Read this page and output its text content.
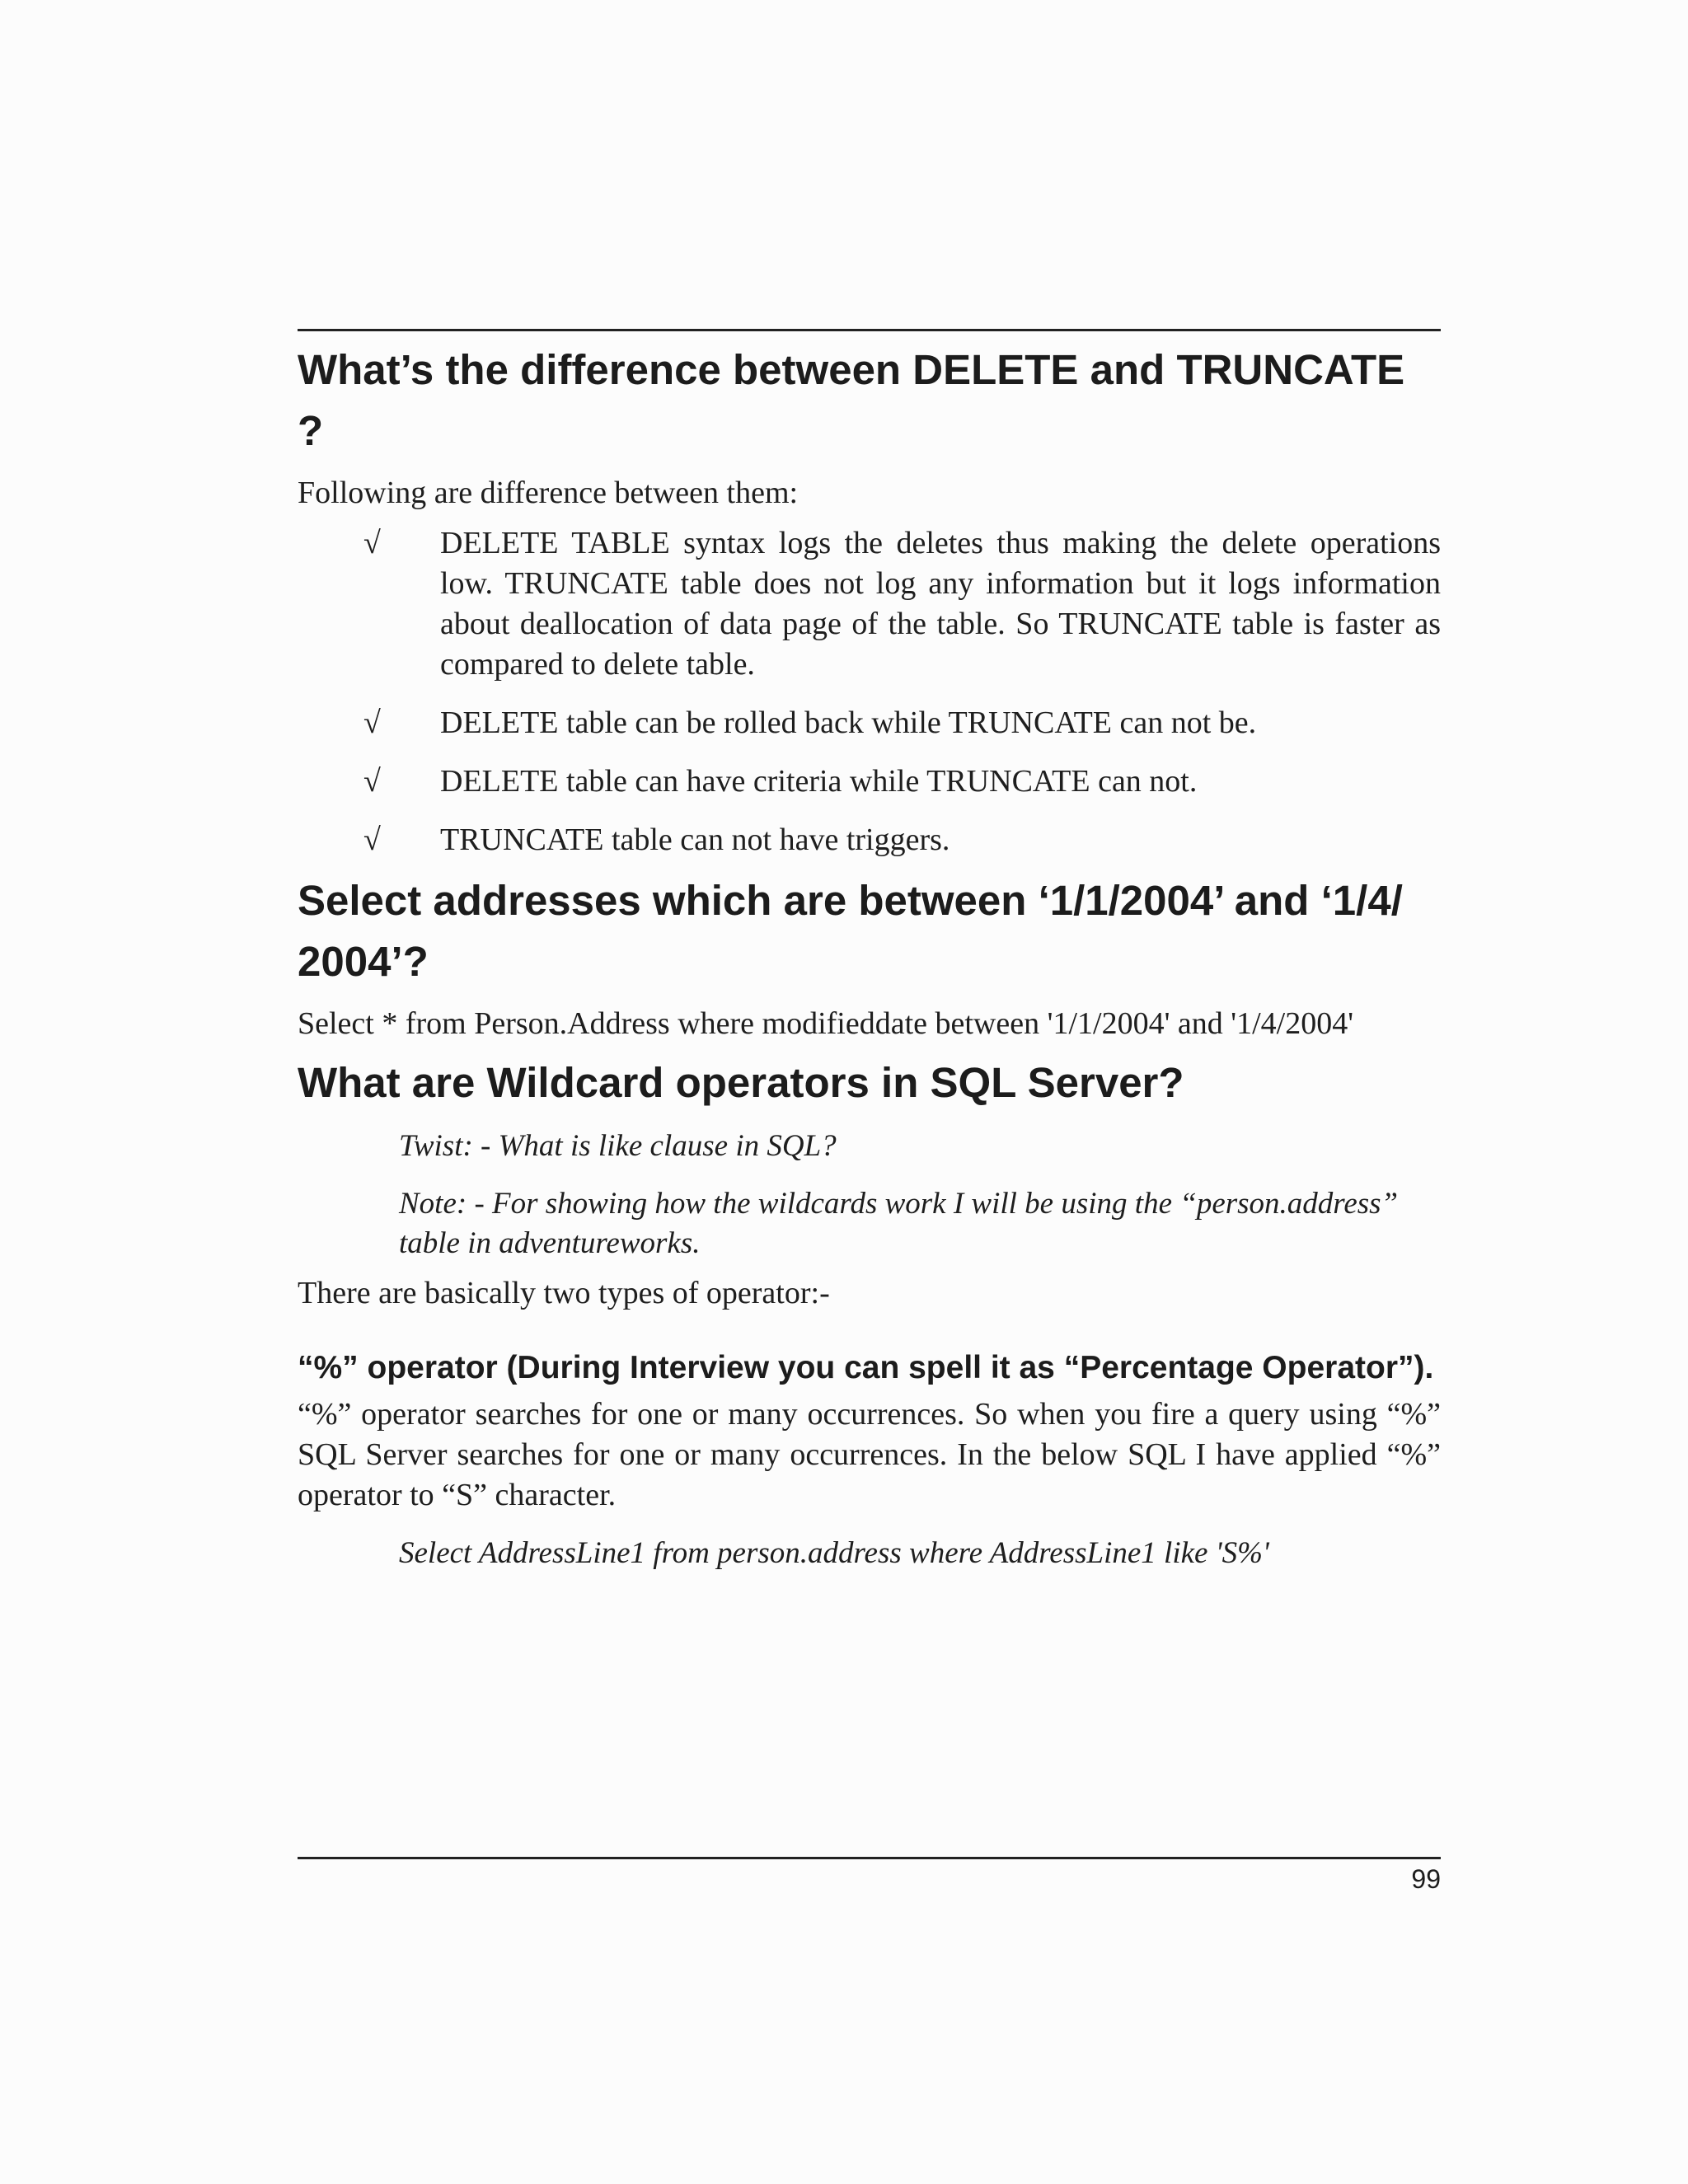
What’s the difference between DELETE and TRUNCATE ?

Following are difference between them:

√	DELETE TABLE syntax logs the deletes thus making the delete operations low. TRUNCATE table does not log any information but it logs information about deallocation of data page of the table. So TRUNCATE table is faster as compared to delete table.
√	DELETE table can be rolled back while TRUNCATE can not be.
√	DELETE table can have criteria while TRUNCATE can not.
√	TRUNCATE table can not have triggers.
Select addresses which are between ‘1/1/2004’ and ‘1/4/ 2004’?

Select * from Person.Address where modifieddate between '1/1/2004' and '1/4/2004'

What are Wildcard operators in SQL Server?

Twist: - What is like clause in SQL?

Note: - For showing how the wildcards work I will be using the “person.address” table in adventureworks.

There are basically two types of operator:-

“%” operator (During Interview you can spell it as “Percentage Operator”).

“%” operator searches for one or many occurrences. So when you fire a query using “%” SQL Server searches for one or many occurrences. In the below SQL I have applied “%” operator to “S” character.

Select AddressLine1 from person.address where AddressLine1 like 'S%'

99
